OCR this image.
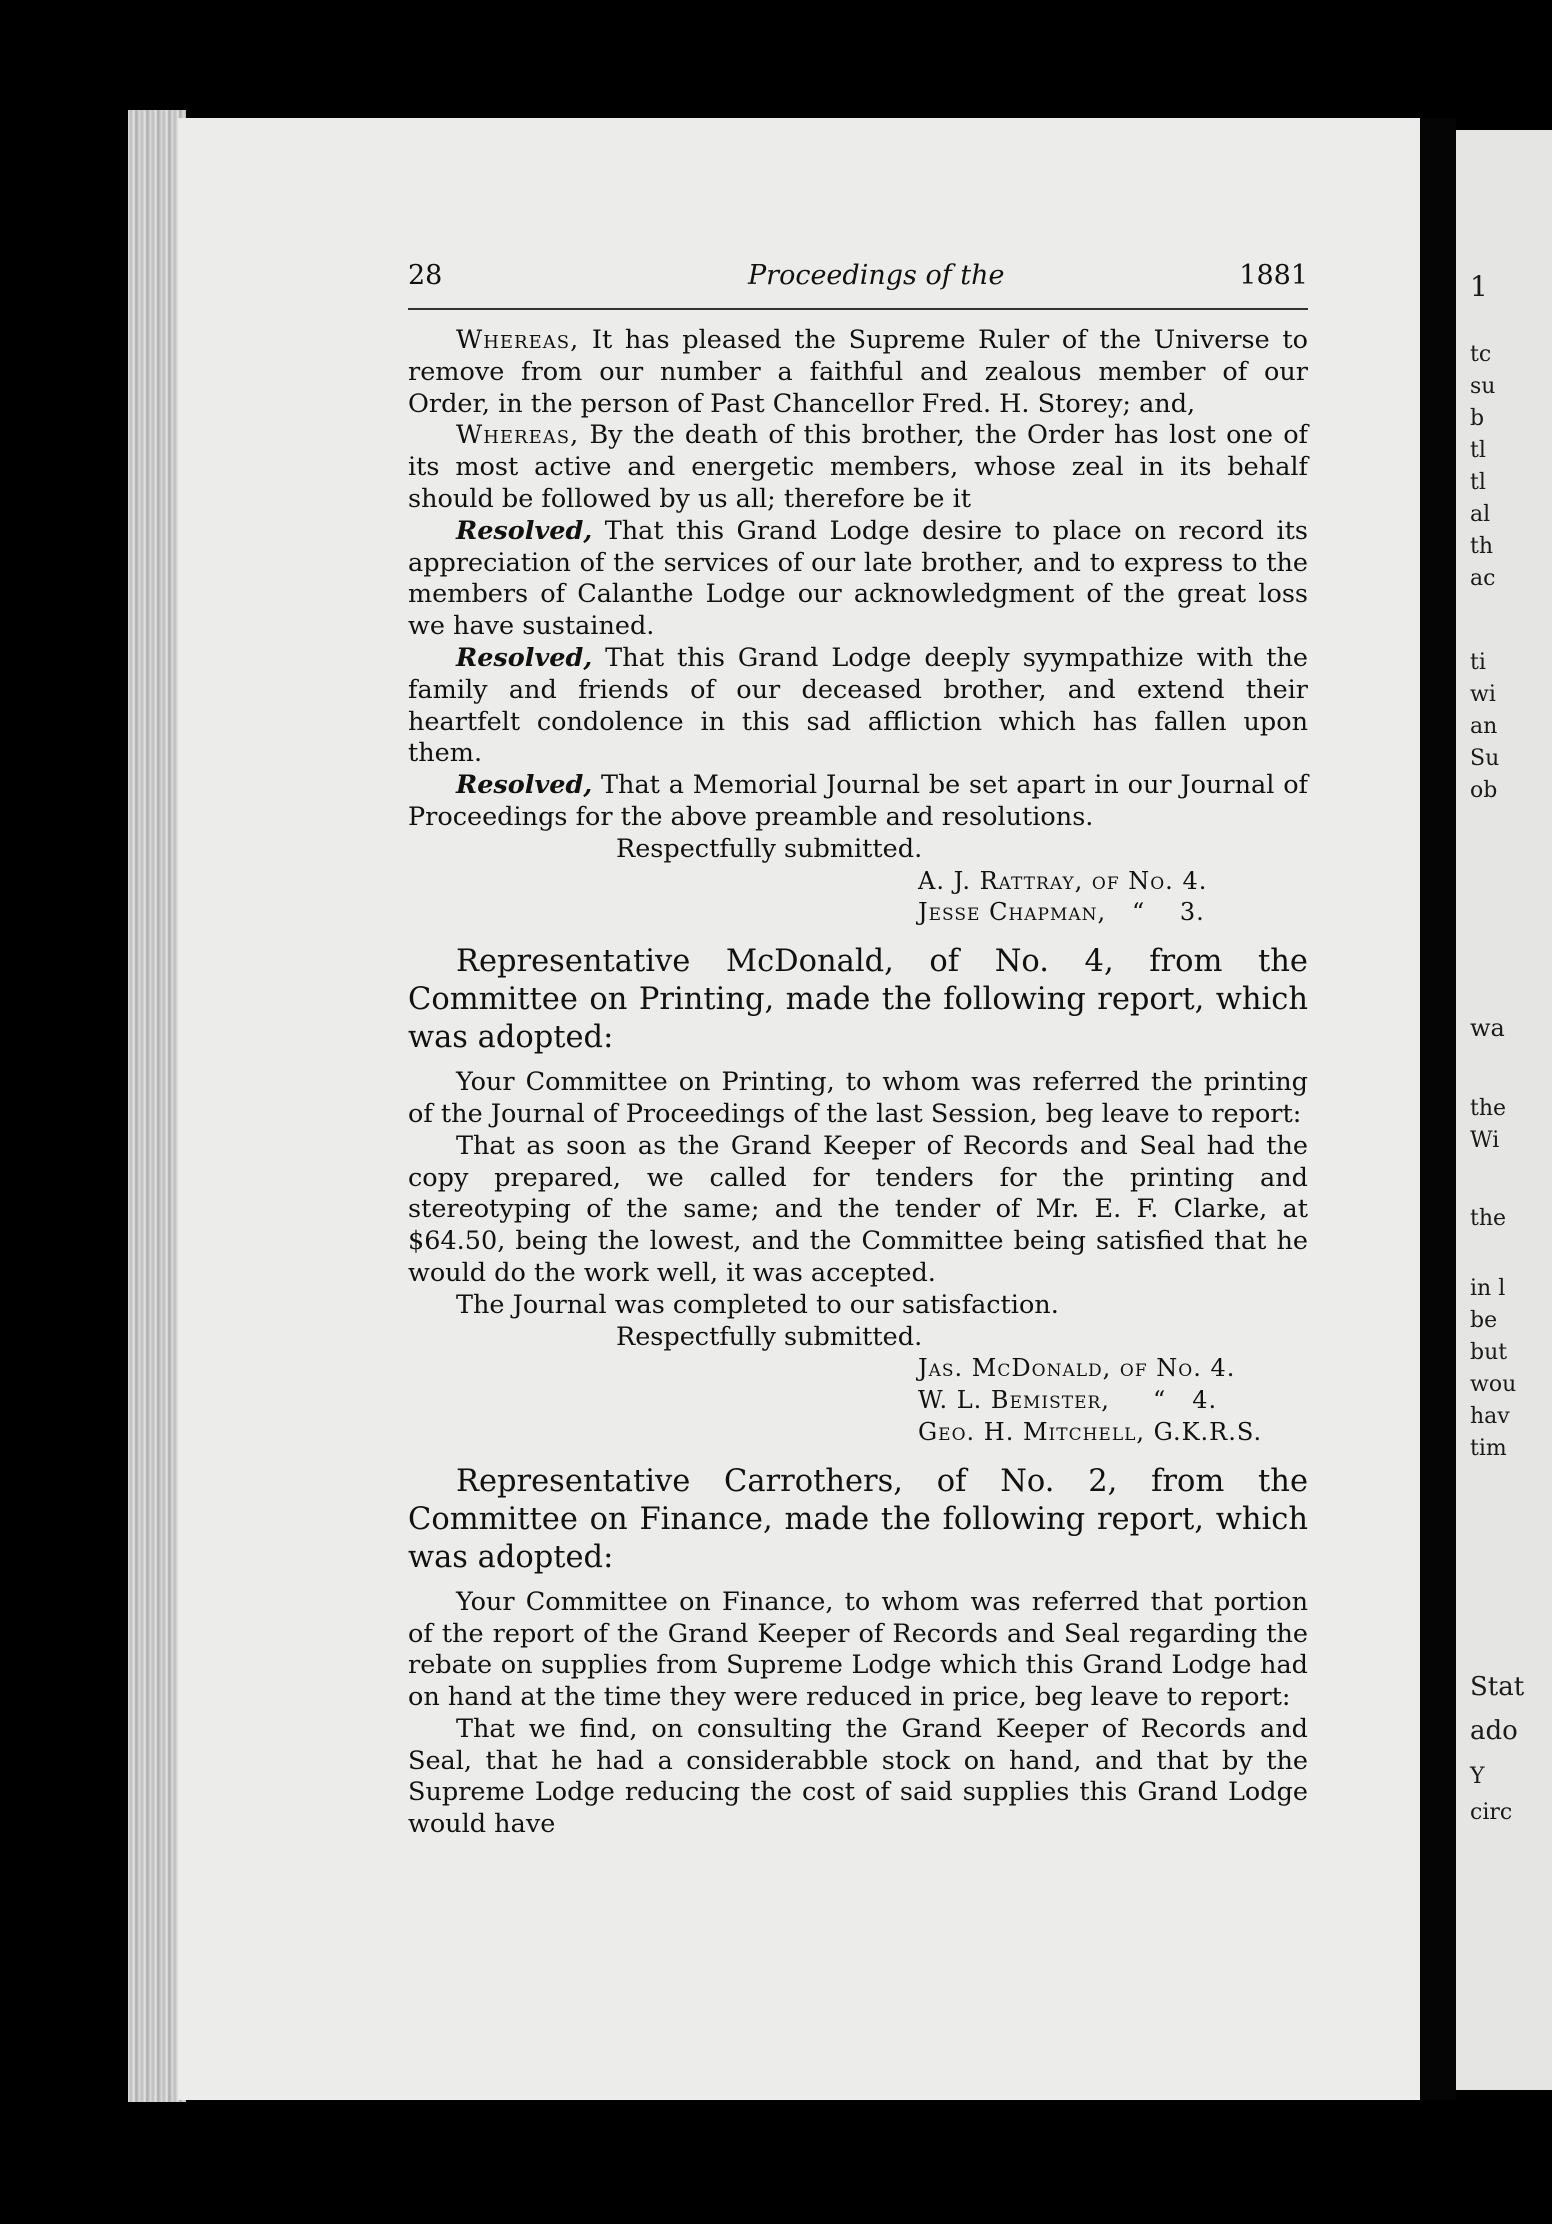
1
tc
su
b
tl
tl
al
th
ac
ti
wi
an
Su
ob
wa
the
Wi
the
in l
be
but
wou
hav
tim
Stat
ado
Y
circ
28	Proceedings of the	1881

Whereas, It has pleased the Supreme Ruler of the Universe to remove from our number a faithful and zealous member of our Order, in the person of Past Chancellor Fred. H. Storey; and,

Whereas, By the death of this brother, the Order has lost one of its most active and energetic members, whose zeal in its behalf should be followed by us all; therefore be it

Resolved, That this Grand Lodge desire to place on record its appreciation of the services of our late brother, and to express to the members of Calanthe Lodge our acknowledgment of the great loss we have sustained.

Resolved, That this Grand Lodge deeply syympathize with the family and friends of our deceased brother, and extend their heartfelt condolence in this sad affliction which has fallen upon them.

Resolved, That a Memorial Journal be set apart in our Journal of Proceedings for the above preamble and resolutions.

Respectfully submitted.

A. J. Rattray, of No. 4.
Jesse Chapman,   “    3.

Representative McDonald, of No. 4, from the Committee on Printing, made the following report, which was adopted:

Your Committee on Printing, to whom was referred the printing of the Journal of Proceedings of the last Session, beg leave to report:

That as soon as the Grand Keeper of Records and Seal had the copy prepared, we called for tenders for the printing and stereotyping of the same; and the tender of Mr. E. F. Clarke, at $64.50, being the lowest, and the Committee being satisfied that he would do the work well, it was accepted.

The Journal was completed to our satisfaction.

Respectfully submitted.

Jas. McDonald, of No. 4.
W. L. Bemister,     “   4.
Geo. H. Mitchell, G.K.R.S.

Representative Carrothers, of No. 2, from the Committee on Finance, made the following report, which was adopted:

Your Committee on Finance, to whom was referred that portion of the report of the Grand Keeper of Records and Seal regarding the rebate on supplies from Supreme Lodge which this Grand Lodge had on hand at the time they were reduced in price, beg leave to report:

That we find, on consulting the Grand Keeper of Records and Seal, that he had a considerabble stock on hand, and that by the Supreme Lodge reducing the cost of said supplies this Grand Lodge would have
